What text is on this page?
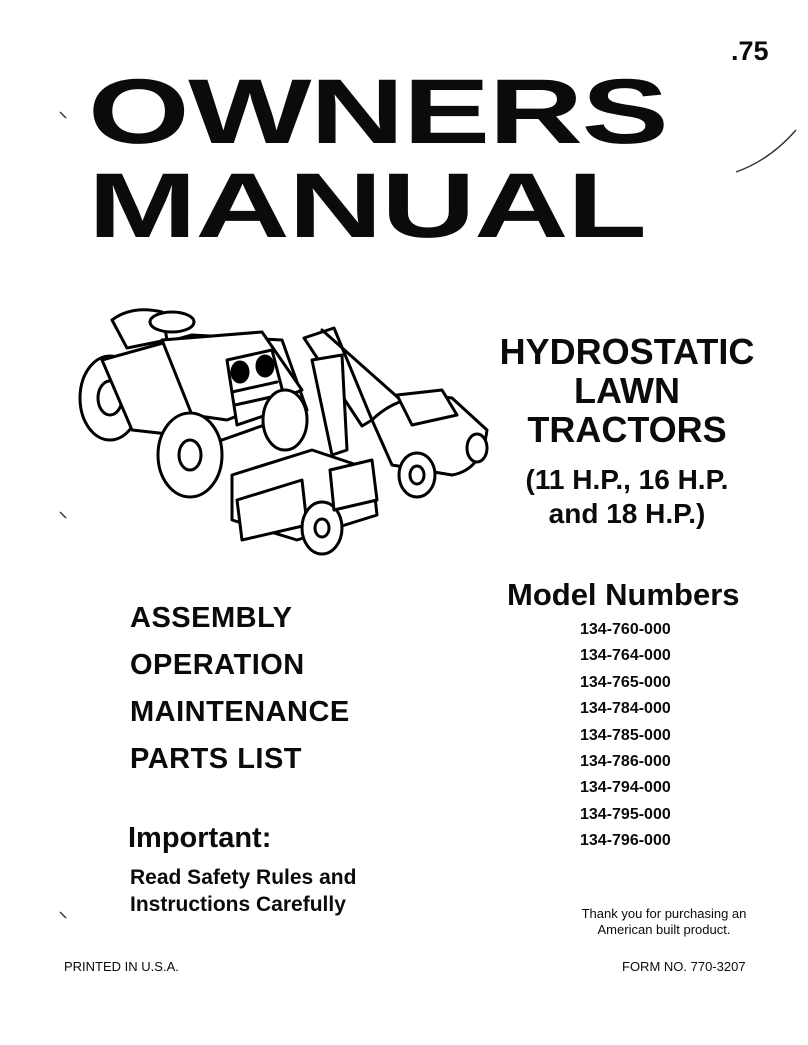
.75
OWNERS
MANUAL
HYDROSTATIC
LAWN
TRACTORS
(11 H.P., 16 H.P.
and 18 H.P.)
Model Numbers
134-760-000
134-764-000
134-765-000
134-784-000
134-785-000
134-786-000
134-794-000
134-795-000
134-796-000
ASSEMBLY
OPERATION
MAINTENANCE
PARTS LIST
Important:
Read Safety Rules and
Instructions Carefully	Thank you for purchasing an
American built product.
PRINTED IN U.S.A.	FORM NO. 770-3207
